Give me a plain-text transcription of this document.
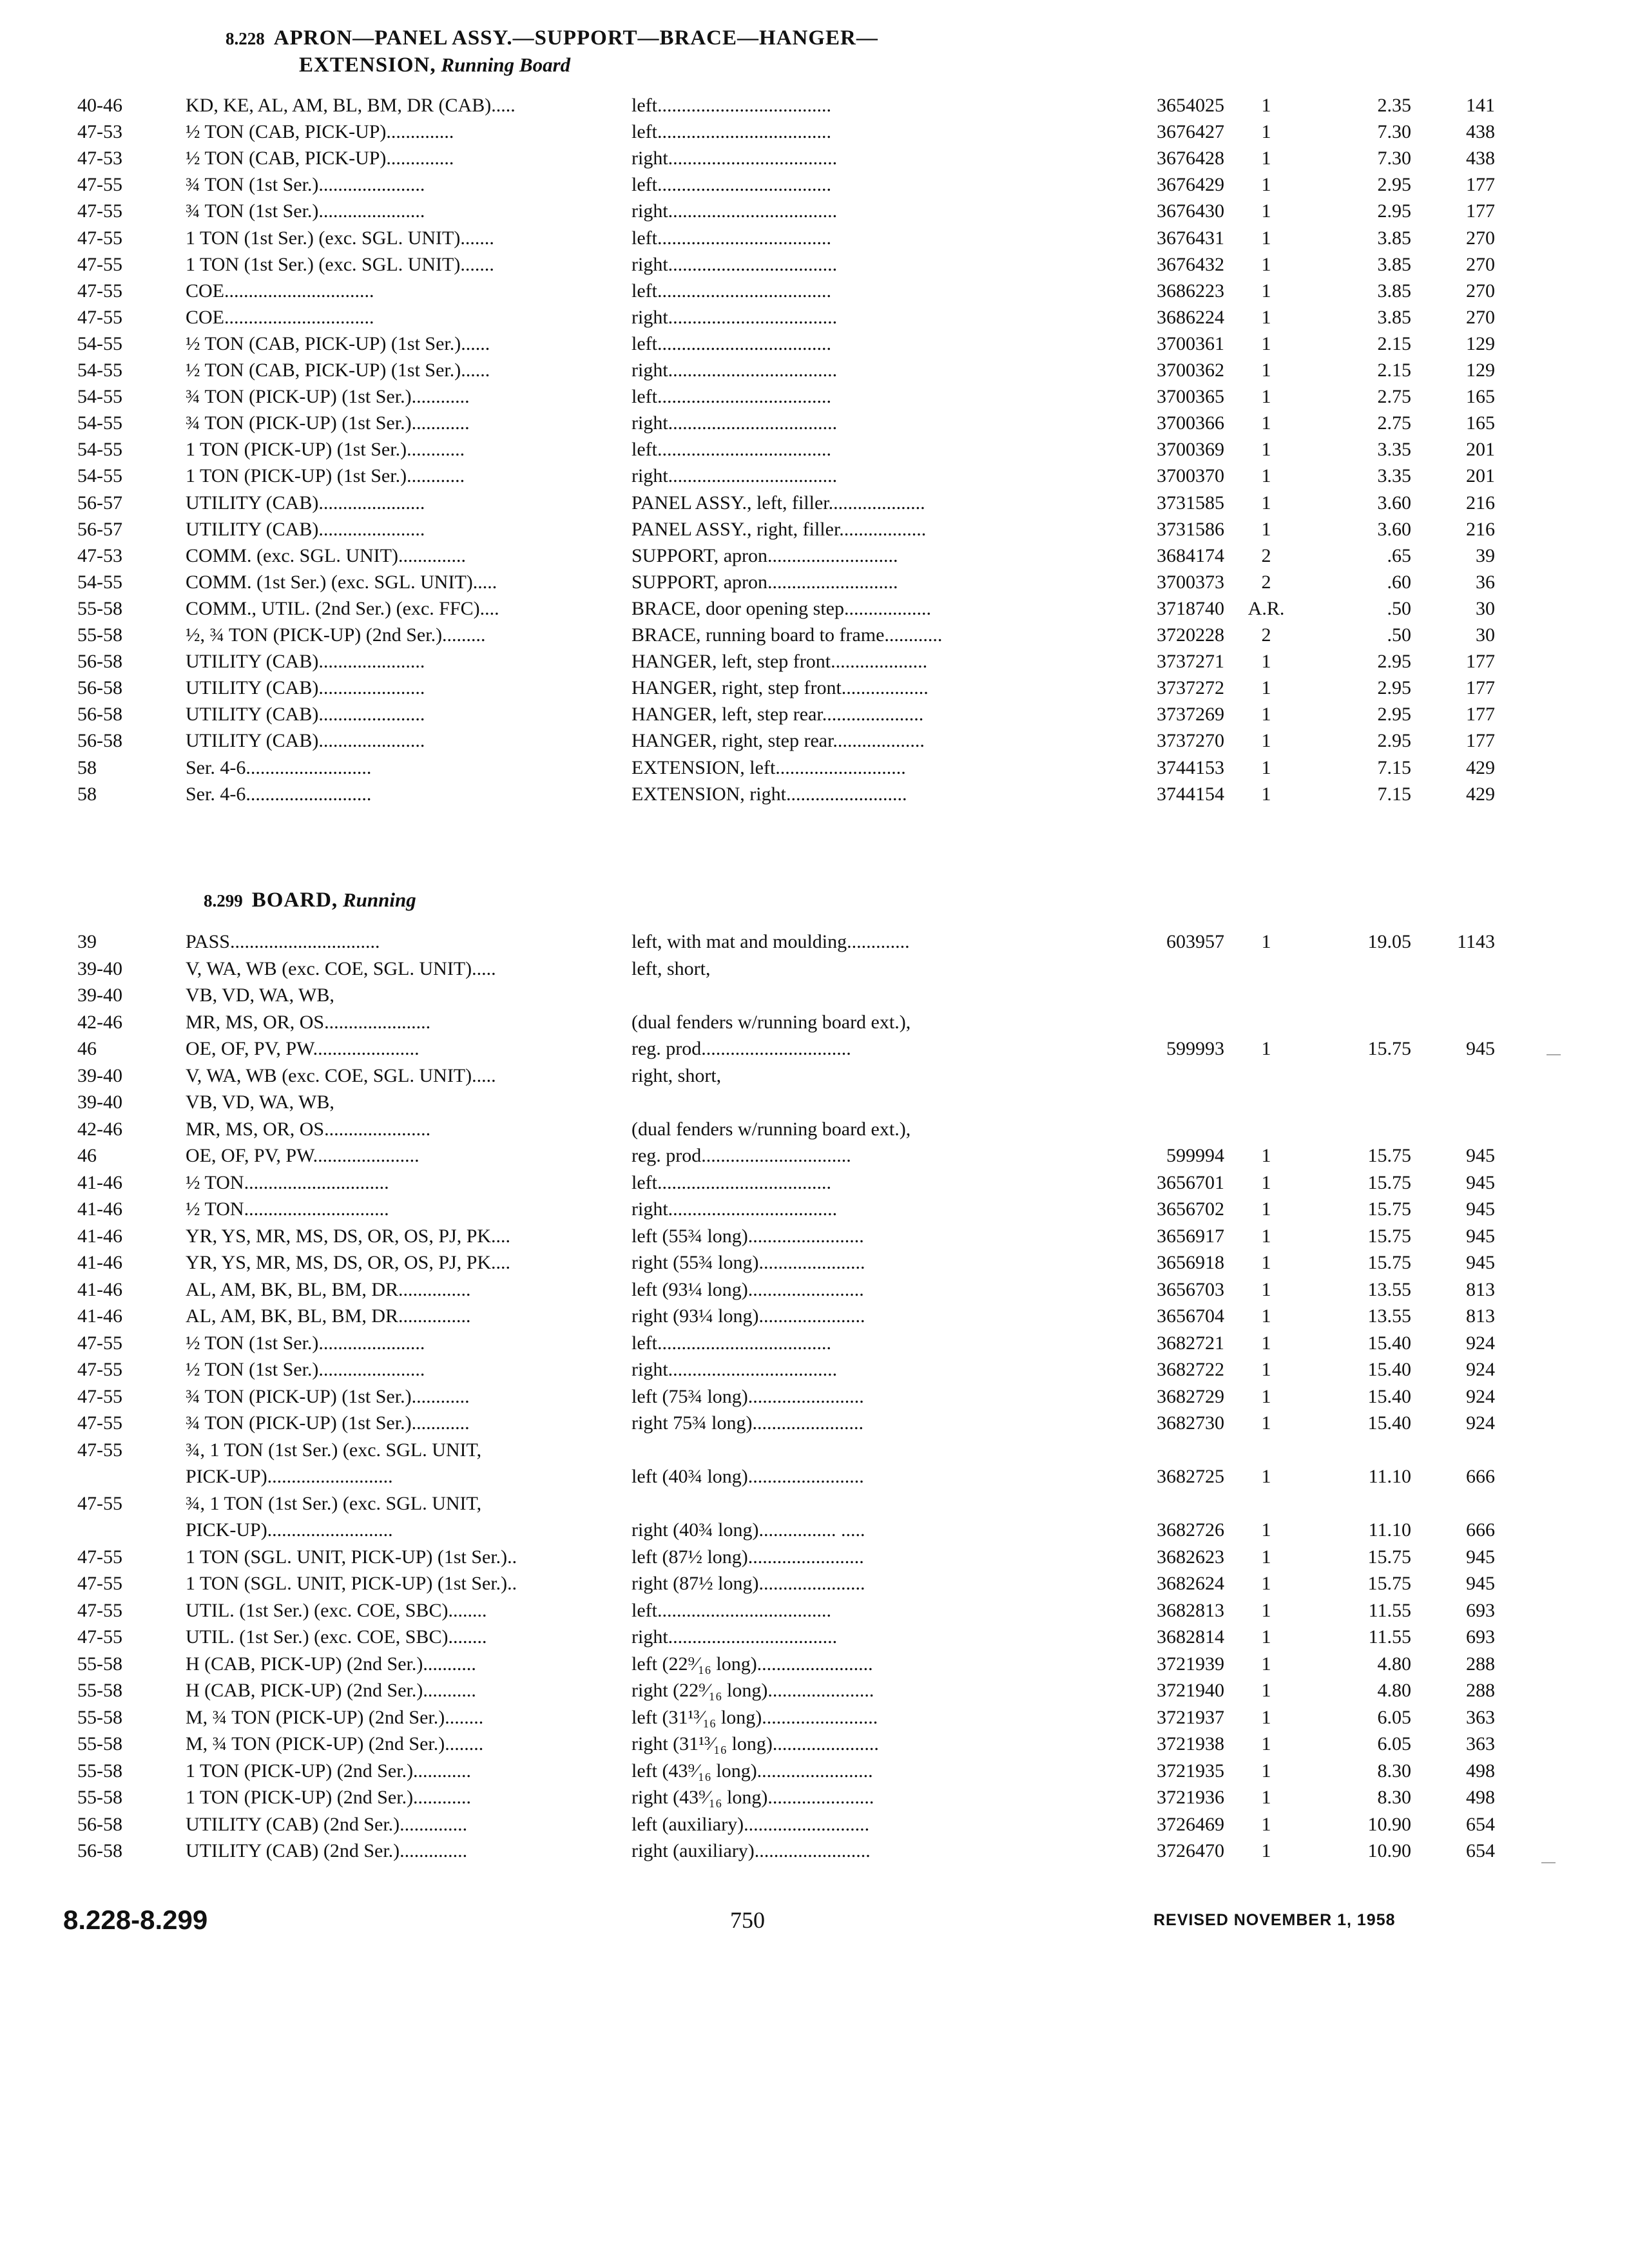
8.228 APRON—PANEL ASSY.—SUPPORT—BRACE—HANGER—
EXTENSION, Running Board
40-46	KD, KE, AL, AM, BL, BM, DR (CAB).....	left....................................	3654025	1	2.35	141
47-53	½ TON (CAB, PICK-UP)..............	left....................................	3676427	1	7.30	438
47-53	½ TON (CAB, PICK-UP)..............	right...................................	3676428	1	7.30	438
47-55	¾ TON (1st Ser.)......................	left....................................	3676429	1	2.95	177
47-55	¾ TON (1st Ser.)......................	right...................................	3676430	1	2.95	177
47-55	1 TON (1st Ser.) (exc. SGL. UNIT).......	left....................................	3676431	1	3.85	270
47-55	1 TON (1st Ser.) (exc. SGL. UNIT).......	right...................................	3676432	1	3.85	270
47-55	COE...............................	left....................................	3686223	1	3.85	270
47-55	COE...............................	right...................................	3686224	1	3.85	270
54-55	½ TON (CAB, PICK-UP) (1st Ser.)......	left....................................	3700361	1	2.15	129
54-55	½ TON (CAB, PICK-UP) (1st Ser.)......	right...................................	3700362	1	2.15	129
54-55	¾ TON (PICK-UP) (1st Ser.)............	left....................................	3700365	1	2.75	165
54-55	¾ TON (PICK-UP) (1st Ser.)............	right...................................	3700366	1	2.75	165
54-55	1 TON (PICK-UP) (1st Ser.)............	left....................................	3700369	1	3.35	201
54-55	1 TON (PICK-UP) (1st Ser.)............	right...................................	3700370	1	3.35	201
56-57	UTILITY (CAB)......................	PANEL ASSY., left, filler....................	3731585	1	3.60	216
56-57	UTILITY (CAB)......................	PANEL ASSY., right, filler..................	3731586	1	3.60	216
47-53	COMM. (exc. SGL. UNIT)..............	SUPPORT, apron...........................	3684174	2	.65	39
54-55	COMM. (1st Ser.) (exc. SGL. UNIT).....	SUPPORT, apron...........................	3700373	2	.60	36
55-58	COMM., UTIL. (2nd Ser.) (exc. FFC)....	BRACE, door opening step..................	3718740	A.R.	.50	30
55-58	½, ¾ TON (PICK-UP) (2nd Ser.).........	BRACE, running board to frame............	3720228	2	.50	30
56-58	UTILITY (CAB)......................	HANGER, left, step front....................	3737271	1	2.95	177
56-58	UTILITY (CAB)......................	HANGER, right, step front..................	3737272	1	2.95	177
56-58	UTILITY (CAB)......................	HANGER, left, step rear.....................	3737269	1	2.95	177
56-58	UTILITY (CAB)......................	HANGER, right, step rear...................	3737270	1	2.95	177
58	Ser. 4-6..........................	EXTENSION, left...........................	3744153	1	7.15	429
58	Ser. 4-6..........................	EXTENSION, right.........................	3744154	1	7.15	429
8.299 BOARD, Running
39	PASS...............................	left, with mat and moulding.............	603957	1	19.05	1143
39-40	V, WA, WB (exc. COE, SGL. UNIT).....	left, short,
39-40	VB, VD, WA, WB,
42-46	MR, MS, OR, OS......................	(dual fenders w/running board ext.),
46	OE, OF, PV, PW......................	reg. prod...............................	599993	1	15.75	945
39-40	V, WA, WB (exc. COE, SGL. UNIT).....	right, short,
39-40	VB, VD, WA, WB,
42-46	MR, MS, OR, OS......................	(dual fenders w/running board ext.),
46	OE, OF, PV, PW......................	reg. prod...............................	599994	1	15.75	945
41-46	½ TON..............................	left....................................	3656701	1	15.75	945
41-46	½ TON..............................	right...................................	3656702	1	15.75	945
41-46	YR, YS, MR, MS, DS, OR, OS, PJ, PK....	left (55¾ long)........................	3656917	1	15.75	945
41-46	YR, YS, MR, MS, DS, OR, OS, PJ, PK....	right (55¾ long)......................	3656918	1	15.75	945
41-46	AL, AM, BK, BL, BM, DR...............	left (93¼ long)........................	3656703	1	13.55	813
41-46	AL, AM, BK, BL, BM, DR...............	right (93¼ long)......................	3656704	1	13.55	813
47-55	½ TON (1st Ser.)......................	left....................................	3682721	1	15.40	924
47-55	½ TON (1st Ser.)......................	right...................................	3682722	1	15.40	924
47-55	¾ TON (PICK-UP) (1st Ser.)............	left (75¾ long)........................	3682729	1	15.40	924
47-55	¾ TON (PICK-UP) (1st Ser.)............	right 75¾ long).......................	3682730	1	15.40	924
47-55	¾, 1 TON (1st Ser.) (exc. SGL. UNIT,
PICK-UP)..........................	left (40¾ long)........................	3682725	1	11.10	666
47-55	¾, 1 TON (1st Ser.) (exc. SGL. UNIT,
PICK-UP)..........................	right (40¾ long)................ .....	3682726	1	11.10	666
47-55	1 TON (SGL. UNIT, PICK-UP) (1st Ser.)..	left (87½ long)........................	3682623	1	15.75	945
47-55	1 TON (SGL. UNIT, PICK-UP) (1st Ser.)..	right (87½ long)......................	3682624	1	15.75	945
47-55	UTIL. (1st Ser.) (exc. COE, SBC)........	left....................................	3682813	1	11.55	693
47-55	UTIL. (1st Ser.) (exc. COE, SBC)........	right...................................	3682814	1	11.55	693
55-58	H (CAB, PICK-UP) (2nd Ser.)...........	left (22⁹⁄₁₆ long)........................	3721939	1	4.80	288
55-58	H (CAB, PICK-UP) (2nd Ser.)...........	right (22⁹⁄₁₆ long)......................	3721940	1	4.80	288
55-58	M, ¾ TON (PICK-UP) (2nd Ser.)........	left (31¹³⁄₁₆ long)........................	3721937	1	6.05	363
55-58	M, ¾ TON (PICK-UP) (2nd Ser.)........	right (31¹³⁄₁₆ long)......................	3721938	1	6.05	363
55-58	1 TON (PICK-UP) (2nd Ser.)............	left (43⁹⁄₁₆ long)........................	3721935	1	8.30	498
55-58	1 TON (PICK-UP) (2nd Ser.)............	right (43⁹⁄₁₆ long)......................	3721936	1	8.30	498
56-58	UTILITY (CAB) (2nd Ser.)..............	left (auxiliary)..........................	3726469	1	10.90	654
56-58	UTILITY (CAB) (2nd Ser.)..............	right (auxiliary)........................	3726470	1	10.90	654
8.228-8.299	750	REVISED NOVEMBER 1, 1958
